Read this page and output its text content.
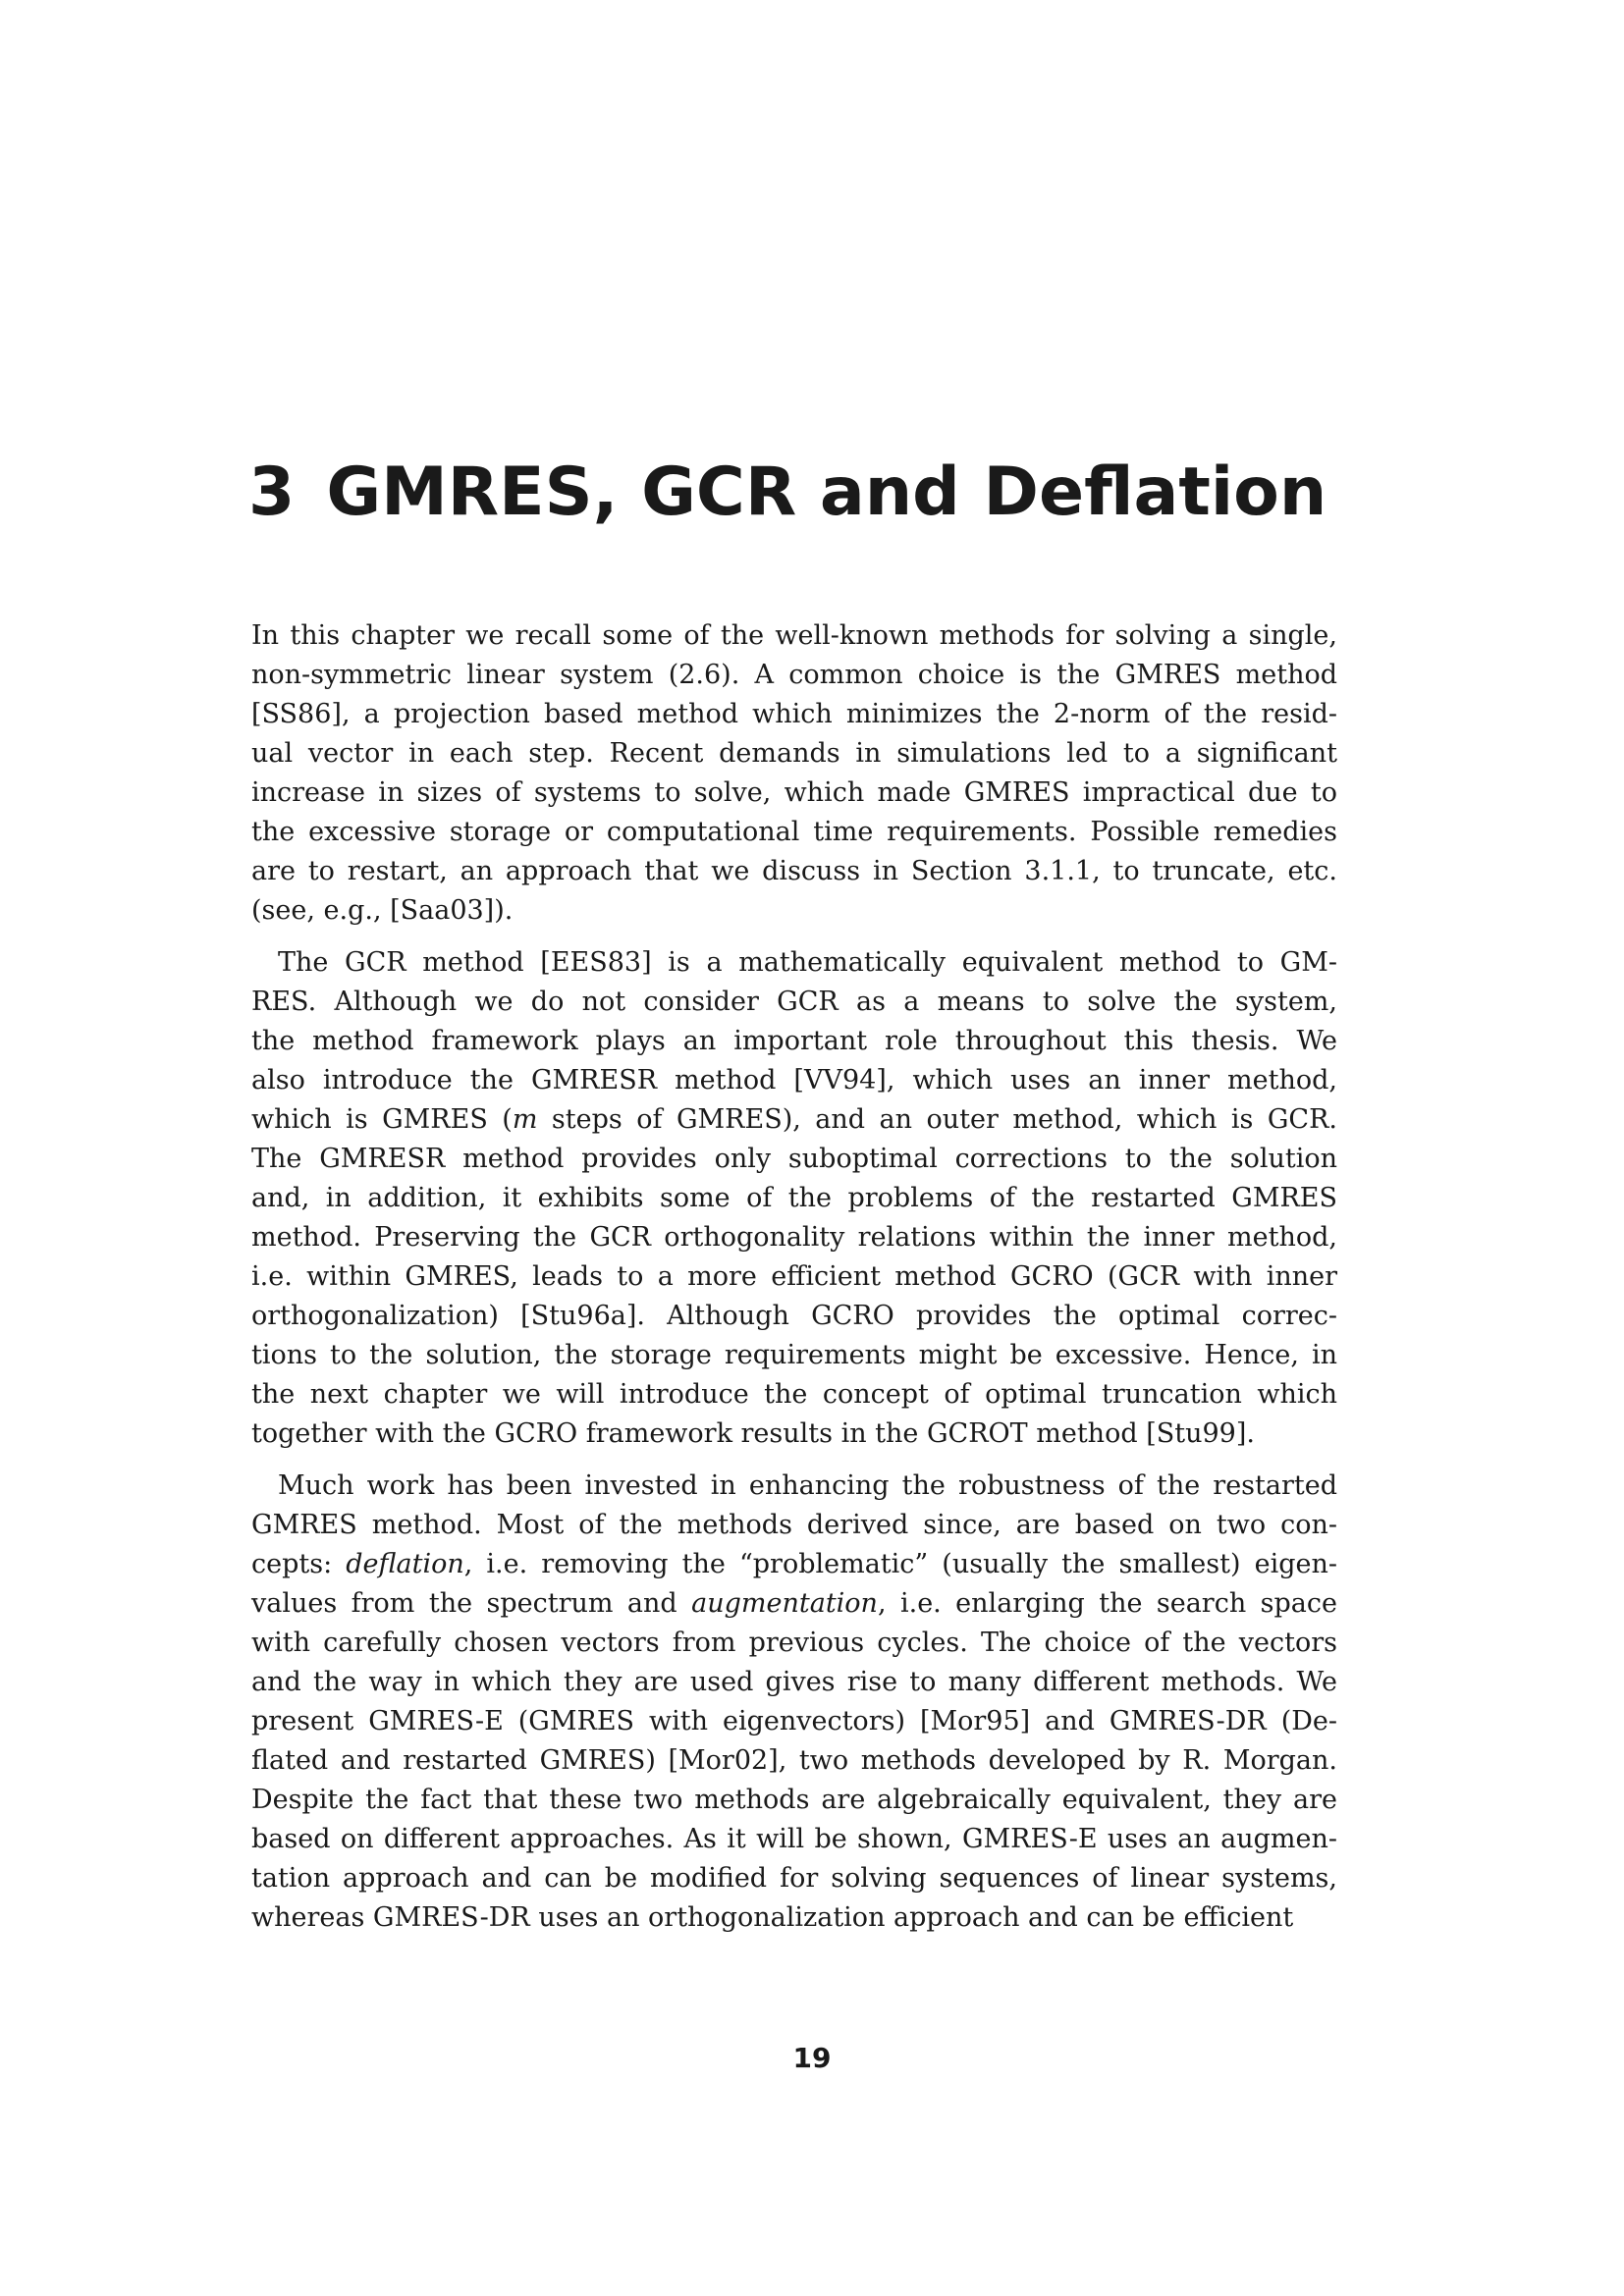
3 GMRES, GCR and Deflation
In this chapter we recall some of the well-known methods for solving a single,
non-symmetric linear system (2.6). A common choice is the GMRES method
[SS86], a projection based method which minimizes the 2-norm of the resid-
ual vector in each step. Recent demands in simulations led to a significant
increase in sizes of systems to solve, which made GMRES impractical due to
the excessive storage or computational time requirements. Possible remedies
are to restart, an approach that we discuss in Section 3.1.1, to truncate, etc.
(see, e.g., [Saa03]).
The GCR method [EES83] is a mathematically equivalent method to GM-
RES. Although we do not consider GCR as a means to solve the system,
the method framework plays an important role throughout this thesis. We
also introduce the GMRESR method [VV94], which uses an inner method,
which is GMRES (m steps of GMRES), and an outer method, which is GCR.
The GMRESR method provides only suboptimal corrections to the solution
and, in addition, it exhibits some of the problems of the restarted GMRES
method. Preserving the GCR orthogonality relations within the inner method,
i.e. within GMRES, leads to a more efficient method GCRO (GCR with inner
orthogonalization) [Stu96a]. Although GCRO provides the optimal correc-
tions to the solution, the storage requirements might be excessive. Hence, in
the next chapter we will introduce the concept of optimal truncation which
together with the GCRO framework results in the GCROT method [Stu99].
Much work has been invested in enhancing the robustness of the restarted
GMRES method. Most of the methods derived since, are based on two con-
cepts: deflation, i.e. removing the “problematic” (usually the smallest) eigen-
values from the spectrum and augmentation, i.e. enlarging the search space
with carefully chosen vectors from previous cycles. The choice of the vectors
and the way in which they are used gives rise to many different methods. We
present GMRES-E (GMRES with eigenvectors) [Mor95] and GMRES-DR (De-
flated and restarted GMRES) [Mor02], two methods developed by R. Morgan.
Despite the fact that these two methods are algebraically equivalent, they are
based on different approaches. As it will be shown, GMRES-E uses an augmen-
tation approach and can be modified for solving sequences of linear systems,
whereas GMRES-DR uses an orthogonalization approach and can be efficient
19
